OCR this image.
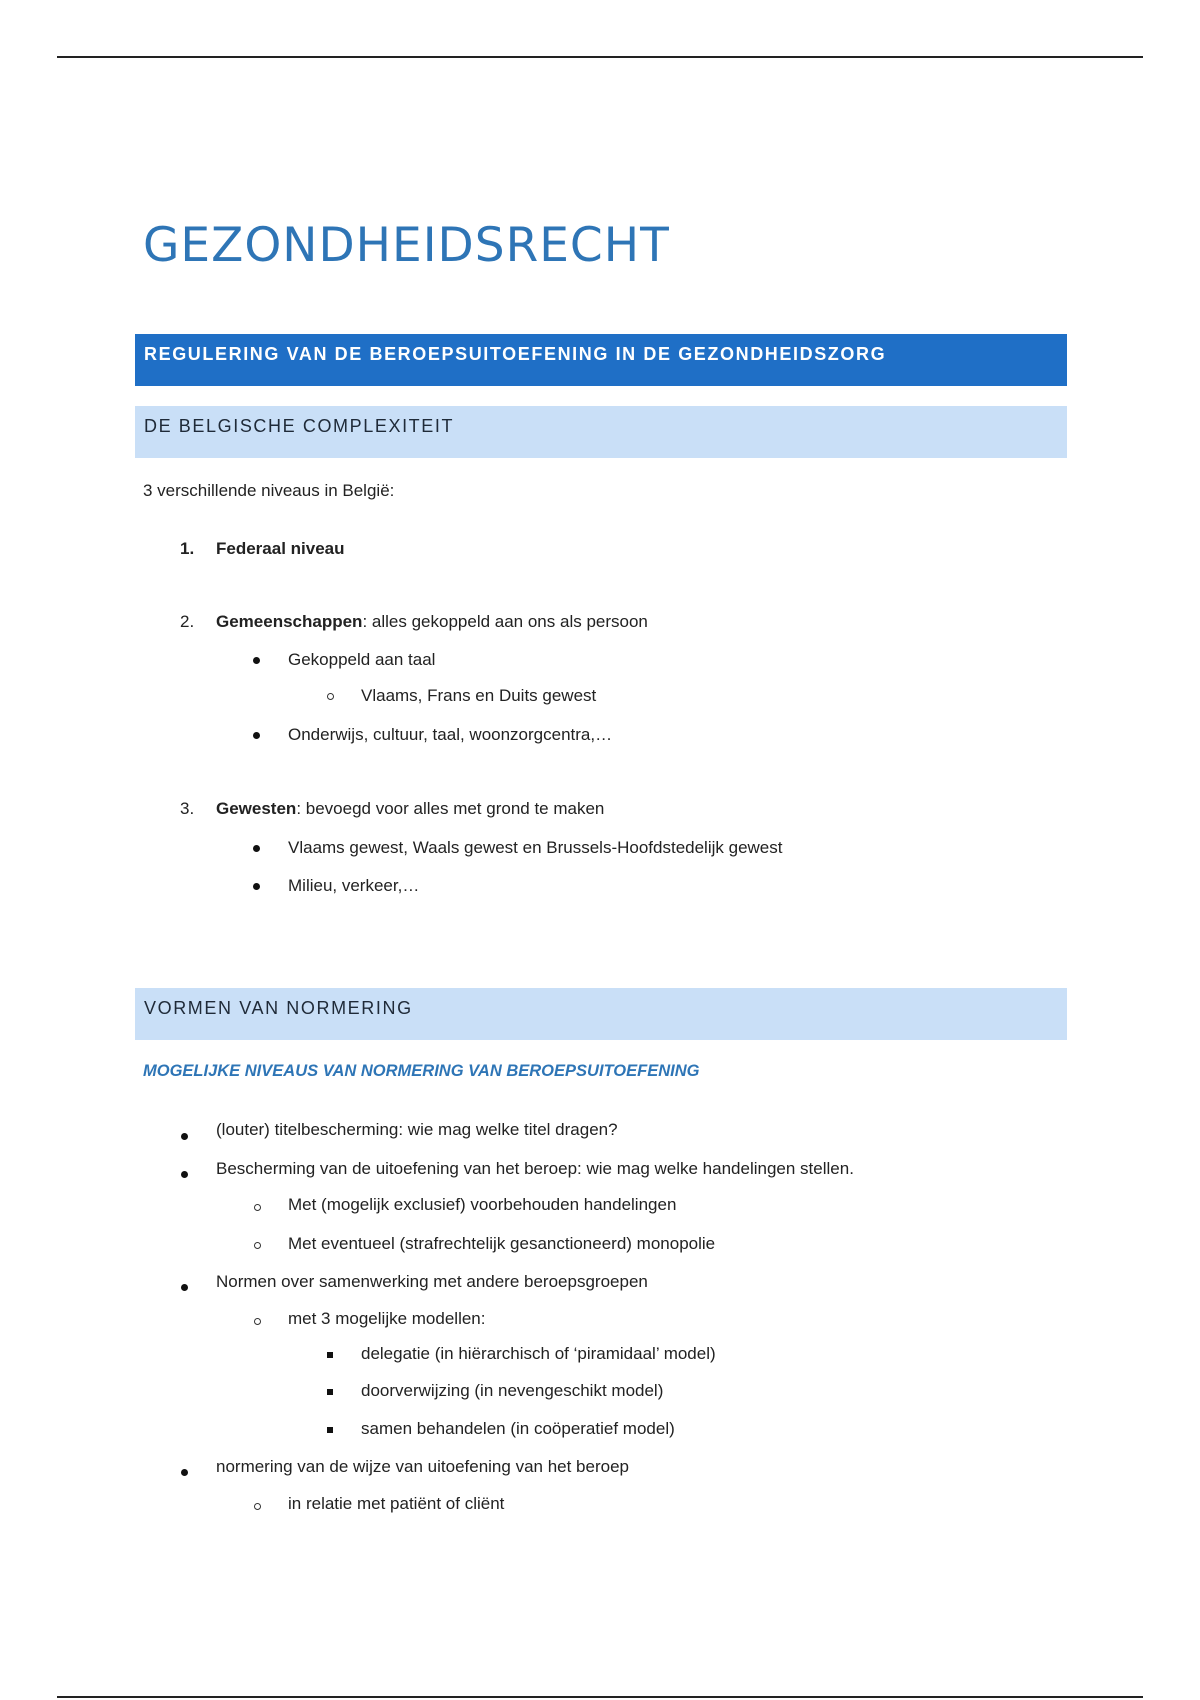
GEZONDHEIDSRECHT
REGULERING VAN DE BEROEPSUITOEFENING IN DE GEZONDHEIDSZORG
DE BELGISCHE COMPLEXITEIT
3 verschillende niveaus in België:
1. Federaal niveau
2. Gemeenschappen: alles gekoppeld aan ons als persoon
Gekoppeld aan taal
Vlaams, Frans en Duits gewest
Onderwijs, cultuur, taal, woonzorgcentra,…
3. Gewesten: bevoegd voor alles met grond te maken
Vlaams gewest, Waals gewest en Brussels-Hoofdstedelijk gewest
Milieu, verkeer,…
VORMEN VAN NORMERING
MOGELIJKE NIVEAUS VAN NORMERING VAN BEROEPSUITOEFENING
(louter) titelbescherming: wie mag welke titel dragen?
Bescherming van de uitoefening van het beroep: wie mag welke handelingen stellen.
Met (mogelijk exclusief) voorbehouden handelingen
Met eventueel (strafrechtelijk gesanctioneerd) monopolie
Normen over samenwerking met andere beroepsgroepen
met 3 mogelijke modellen:
delegatie (in hiërarchisch of ‘piramidaal’ model)
doorverwijzing (in nevengeschikt model)
samen behandelen (in coöperatief model)
normering van de wijze van uitoefening van het beroep
in relatie met patiënt of cliënt
